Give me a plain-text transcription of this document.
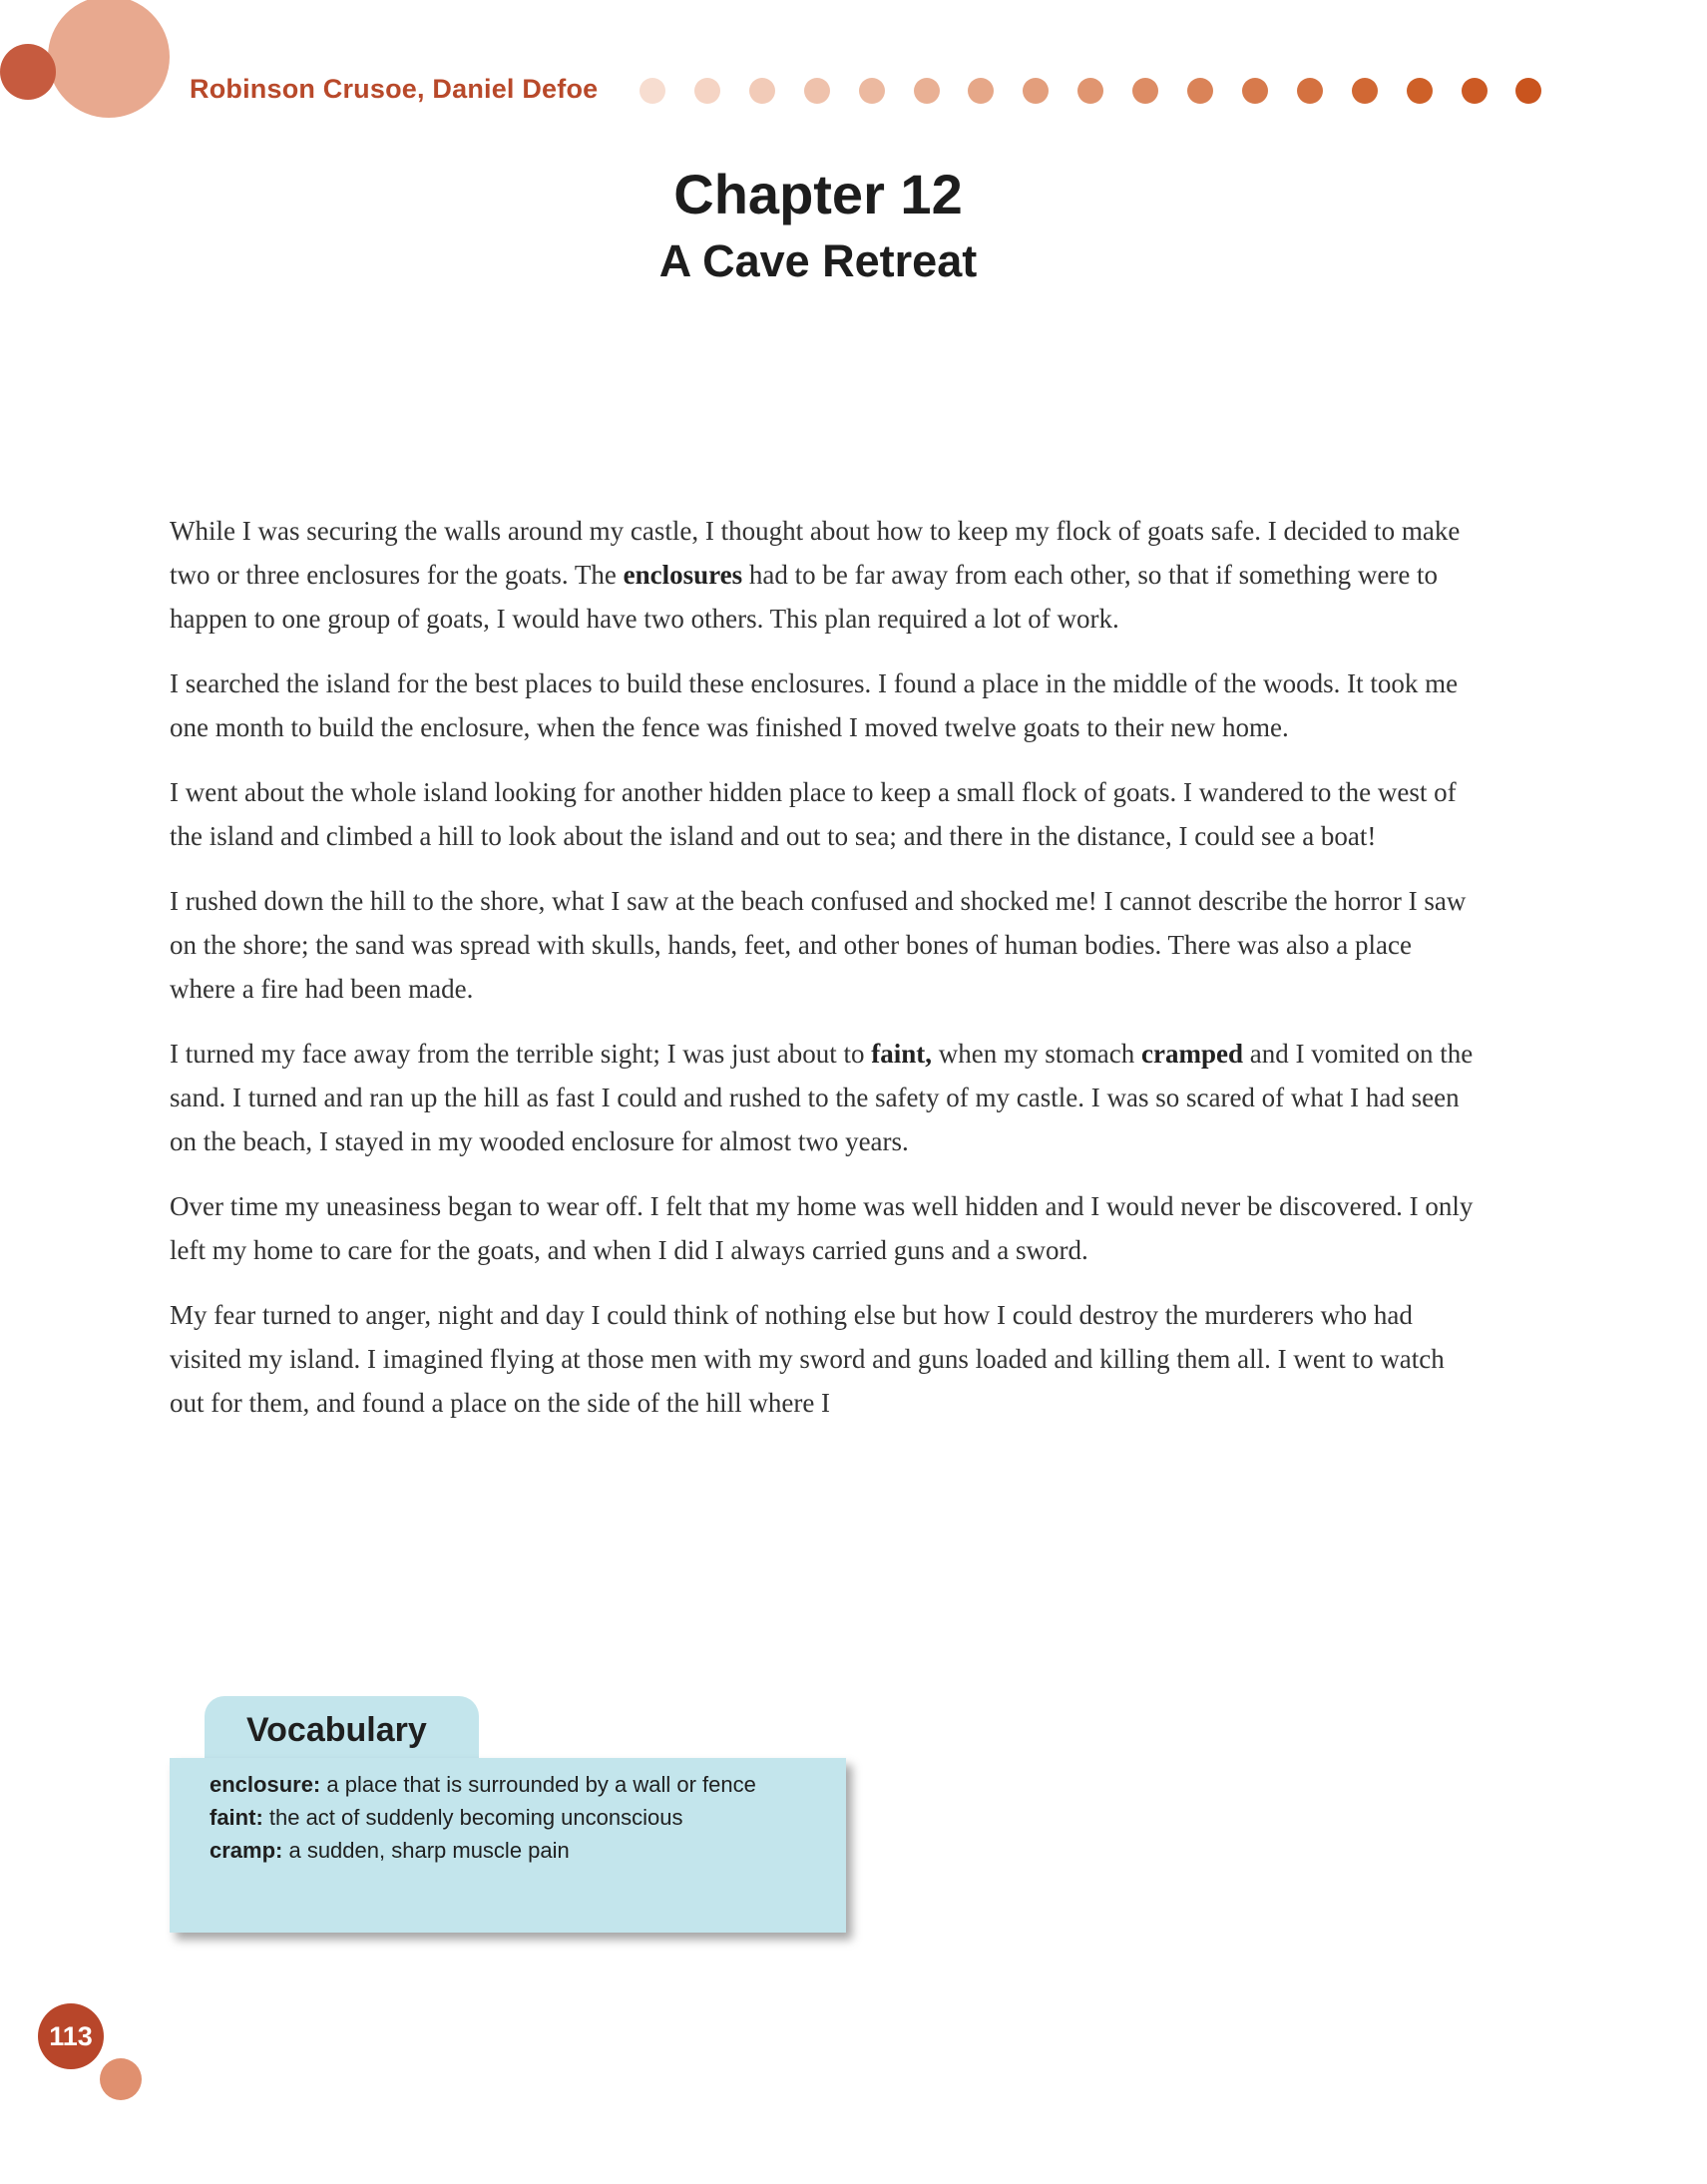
Robinson Crusoe, Daniel Defoe
Chapter 12
A Cave Retreat

While I was securing the walls around my castle, I thought about how to keep my flock of goats safe. I decided to make two or three enclosures for the goats. The enclosures had to be far away from each other, so that if something were to happen to one group of goats, I would have two others. This plan required a lot of work.

I searched the island for the best places to build these enclosures. I found a place in the middle of the woods. It took me one month to build the enclosure, when the fence was finished I moved twelve goats to their new home.

I went about the whole island looking for another hidden place to keep a small flock of goats. I wandered to the west of the island and climbed a hill to look about the island and out to sea; and there in the distance, I could see a boat!

I rushed down the hill to the shore, what I saw at the beach confused and shocked me! I cannot describe the horror I saw on the shore; the sand was spread with skulls, hands, feet, and other bones of human bodies. There was also a place where a fire had been made.

I turned my face away from the terrible sight; I was just about to faint, when my stomach cramped and I vomited on the sand. I turned and ran up the hill as fast I could and rushed to the safety of my castle. I was so scared of what I had seen on the beach, I stayed in my wooded enclosure for almost two years.

Over time my uneasiness began to wear off. I felt that my home was well hidden and I would never be discovered. I only left my home to care for the goats, and when I did I always carried guns and a sword.

My fear turned to anger, night and day I could think of nothing else but how I could destroy the murderers who had visited my island. I imagined flying at those men with my sword and guns loaded and killing them all. I went to watch out for them, and found a place on the side of the hill where I

Vocabulary
enclosure: a place that is surrounded by a wall or fence
faint: the act of suddenly becoming unconscious
cramp: a sudden, sharp muscle pain
113
